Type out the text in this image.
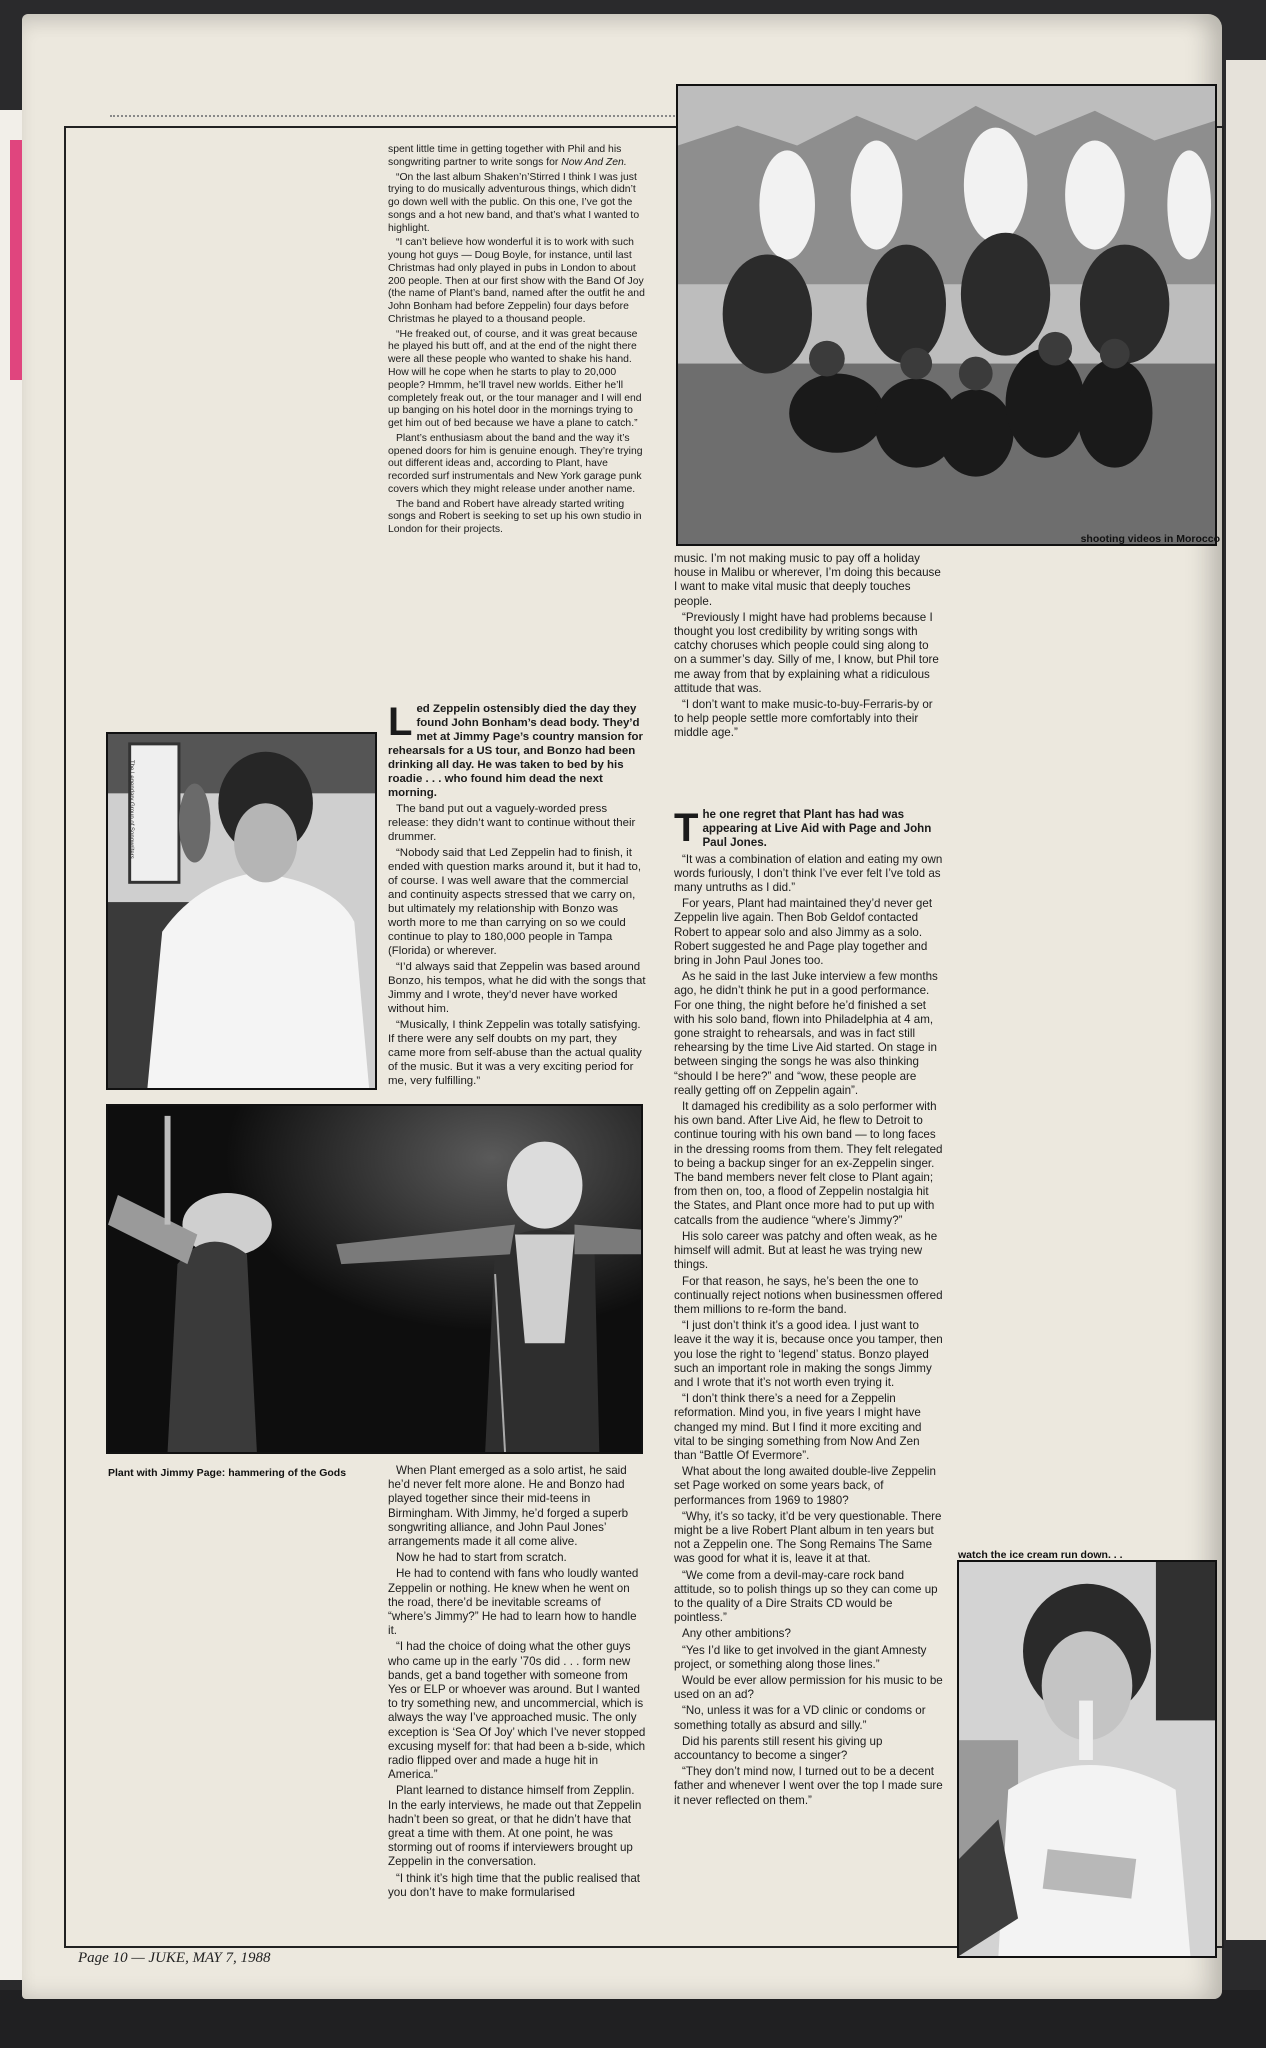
shooting videos in Morocco
Plant with Jimmy Page: hammering of the Gods
watch the ice cream run down. . .

spent little time in getting together with Phil and his songwriting partner to write songs for Now And Zen.

“On the last album Shaken’n’Stirred I think I was just trying to do musically adventurous things, which didn’t go down well with the public. On this one, I’ve got the songs and a hot new band, and that’s what I wanted to highlight.

“I can’t believe how wonderful it is to work with such young hot guys — Doug Boyle, for instance, until last Christmas had only played in pubs in London to about 200 people. Then at our first show with the Band Of Joy (the name of Plant’s band, named after the outfit he and John Bonham had before Zeppelin) four days before Christmas he played to a thousand people.

“He freaked out, of course, and it was great because he played his butt off, and at the end of the night there were all these people who wanted to shake his hand. How will he cope when he starts to play to 20,000 people? Hmmm, he’ll travel new worlds. Either he’ll completely freak out, or the tour manager and I will end up banging on his hotel door in the mornings trying to get him out of bed because we have a plane to catch.”

Plant’s enthusiasm about the band and the way it’s opened doors for him is genuine enough. They’re trying out different ideas and, according to Plant, have recorded surf instrumentals and New York garage punk covers which they might release under another name.

The band and Robert have already started writing songs and Robert is seeking to set up his own studio in London for their projects.

Led Zeppelin ostensibly died the day they found John Bonham’s dead body. They’d met at Jimmy Page’s country mansion for rehearsals for a US tour, and Bonzo had been drinking all day. He was taken to bed by his roadie . . . who found him dead the next morning.

The band put out a vaguely-worded press release: they didn’t want to continue without their drummer.

“Nobody said that Led Zeppelin had to finish, it ended with question marks around it, but it had to, of course. I was well aware that the commercial and continuity aspects stressed that we carry on, but ultimately my relationship with Bonzo was worth more to me than carrying on so we could continue to play to 180,000 people in Tampa (Florida) or wherever.

“I’d always said that Zeppelin was based around Bonzo, his tempos, what he did with the songs that Jimmy and I wrote, they’d never have worked without him.

“Musically, I think Zeppelin was totally satisfying. If there were any self doubts on my part, they came more from self-abuse than the actual quality of the music. But it was a very exciting period for me, very fulfilling.”

When Plant emerged as a solo artist, he said he’d never felt more alone. He and Bonzo had played together since their mid-teens in Birmingham. With Jimmy, he’d forged a superb songwriting alliance, and John Paul Jones’ arrangements made it all come alive.

Now he had to start from scratch.

He had to contend with fans who loudly wanted Zeppelin or nothing. He knew when he went on the road, there’d be inevitable screams of “where’s Jimmy?” He had to learn how to handle it.

“I had the choice of doing what the other guys who came up in the early ’70s did . . . form new bands, get a band together with someone from Yes or ELP or whoever was around. But I wanted to try something new, and uncommercial, which is always the way I’ve approached music. The only exception is ‘Sea Of Joy’ which I’ve never stopped excusing myself for: that had been a b-side, which radio flipped over and made a huge hit in America.”

Plant learned to distance himself from Zepplin. In the early interviews, he made out that Zeppelin hadn’t been so great, or that he didn’t have that great a time with them. At one point, he was storming out of rooms if interviewers brought up Zeppelin in the conversation.

“I think it’s high time that the public realised that you don’t have to make formularised

music. I’m not making music to pay off a holiday house in Malibu or wherever, I’m doing this because I want to make vital music that deeply touches people.

“Previously I might have had problems because I thought you lost credibility by writing songs with catchy choruses which people could sing along to on a summer’s day. Silly of me, I know, but Phil tore me away from that by explaining what a ridiculous attitude that was.

“I don’t want to make music-to-buy-Ferraris-by or to help people settle more comfortably into their middle age.”

The one regret that Plant has had was appearing at Live Aid with Page and John Paul Jones.

“It was a combination of elation and eating my own words furiously, I don’t think I’ve ever felt I’ve told as many untruths as I did.”

For years, Plant had maintained they’d never get Zeppelin live again. Then Bob Geldof contacted Robert to appear solo and also Jimmy as a solo. Robert suggested he and Page play together and bring in John Paul Jones too.

As he said in the last Juke interview a few months ago, he didn’t think he put in a good performance. For one thing, the night before he’d finished a set with his solo band, flown into Philadelphia at 4 am, gone straight to rehearsals, and was in fact still rehearsing by the time Live Aid started. On stage in between singing the songs he was also thinking “should I be here?” and “wow, these people are really getting off on Zeppelin again”.

It damaged his credibility as a solo performer with his own band. After Live Aid, he flew to Detroit to continue touring with his own band — to long faces in the dressing rooms from them. They felt relegated to being a backup singer for an ex-Zeppelin singer. The band members never felt close to Plant again; from then on, too, a flood of Zeppelin nostalgia hit the States, and Plant once more had to put up with catcalls from the audience “where’s Jimmy?”

His solo career was patchy and often weak, as he himself will admit. But at least he was trying new things.

For that reason, he says, he’s been the one to continually reject notions when businessmen offered them millions to re-form the band.

“I just don’t think it’s a good idea. I just want to leave it the way it is, because once you tamper, then you lose the right to ‘legend’ status. Bonzo played such an important role in making the songs Jimmy and I wrote that it’s not worth even trying it.

“I don’t think there’s a need for a Zeppelin reformation. Mind you, in five years I might have changed my mind. But I find it more exciting and vital to be singing something from Now And Zen than “Battle Of Evermore”.

What about the long awaited double-live Zeppelin set Page worked on some years back, of performances from 1969 to 1980?

“Why, it’s so tacky, it’d be very questionable. There might be a live Robert Plant album in ten years but not a Zeppelin one. The Song Remains The Same was good for what it is, leave it at that.

“We come from a devil-may-care rock band attitude, so to polish things up so they can come up to the quality of a Dire Straits CD would be pointless.”

Any other ambitions?

“Yes I’d like to get involved in the giant Amnesty project, or something along those lines.”

Would be ever allow permission for his music to be used on an ad?

“No, unless it was for a VD clinic or condoms or something totally as absurd and silly.”

Did his parents still resent his giving up accountancy to become a singer?

“They don’t mind now, I turned out to be a decent father and whenever I went over the top I made sure it never reflected on them.”

Page 10 — JUKE, MAY 7, 1988
